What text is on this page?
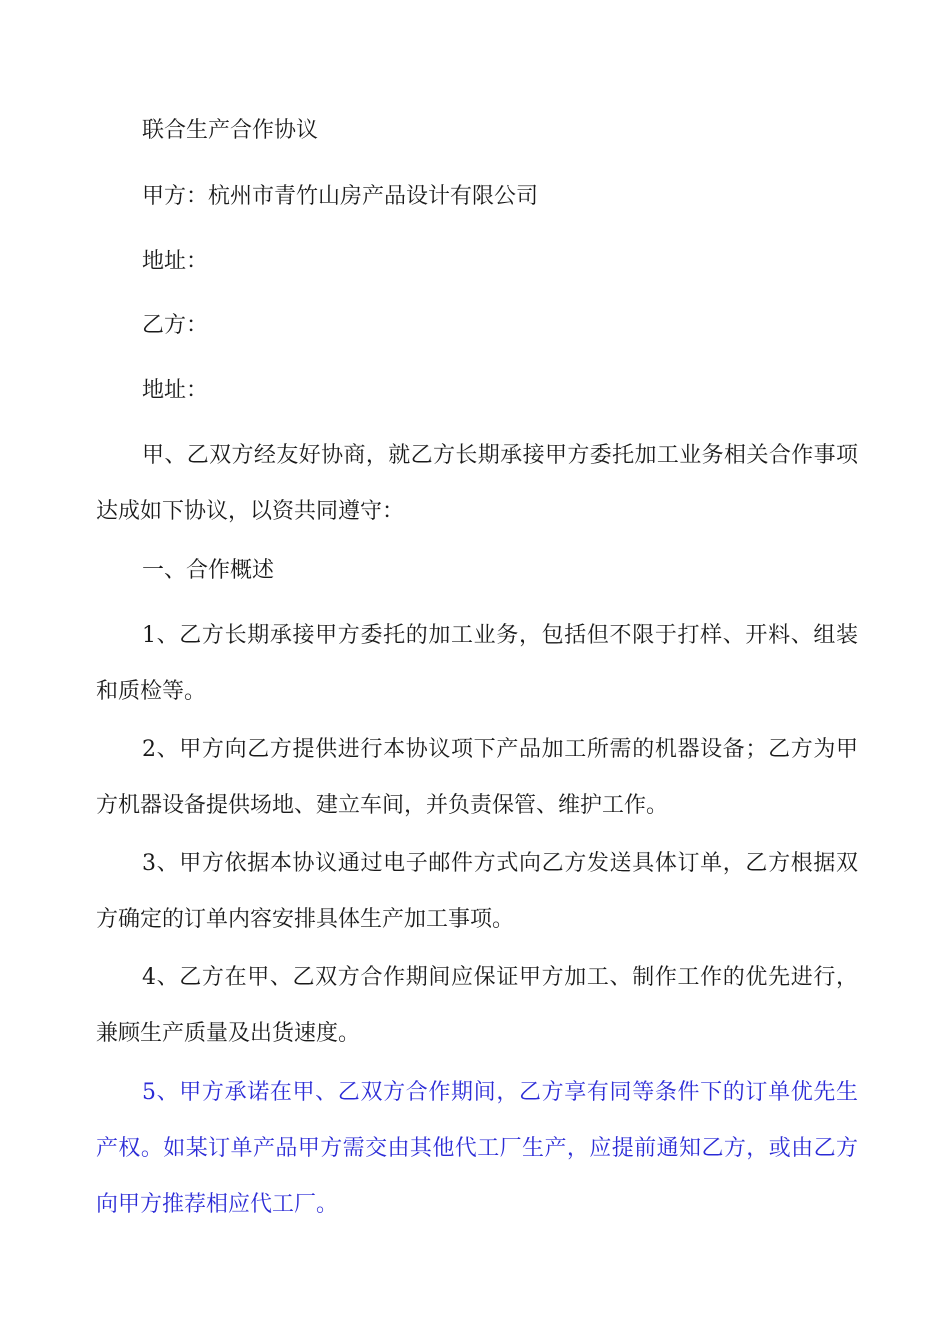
联合生产合作协议

甲方：杭州市青竹山房产品设计有限公司

地址：

乙方：

地址：

甲、乙双方经友好协商，就乙方长期承接甲方委托加工业务相关合作事项达成如下协议，以资共同遵守：

一、合作概述

1、乙方长期承接甲方委托的加工业务，包括但不限于打样、开料、组装和质检等。

2、甲方向乙方提供进行本协议项下产品加工所需的机器设备；乙方为甲方机器设备提供场地、建立车间，并负责保管、维护工作。

3、甲方依据本协议通过电子邮件方式向乙方发送具体订单，乙方根据双方确定的订单内容安排具体生产加工事项。

4、乙方在甲、乙双方合作期间应保证甲方加工、制作工作的优先进行，兼顾生产质量及出货速度。

5、甲方承诺在甲、乙双方合作期间，乙方享有同等条件下的订单优先生产权。如某订单产品甲方需交由其他代工厂生产，应提前通知乙方，或由乙方向甲方推荐相应代工厂。
